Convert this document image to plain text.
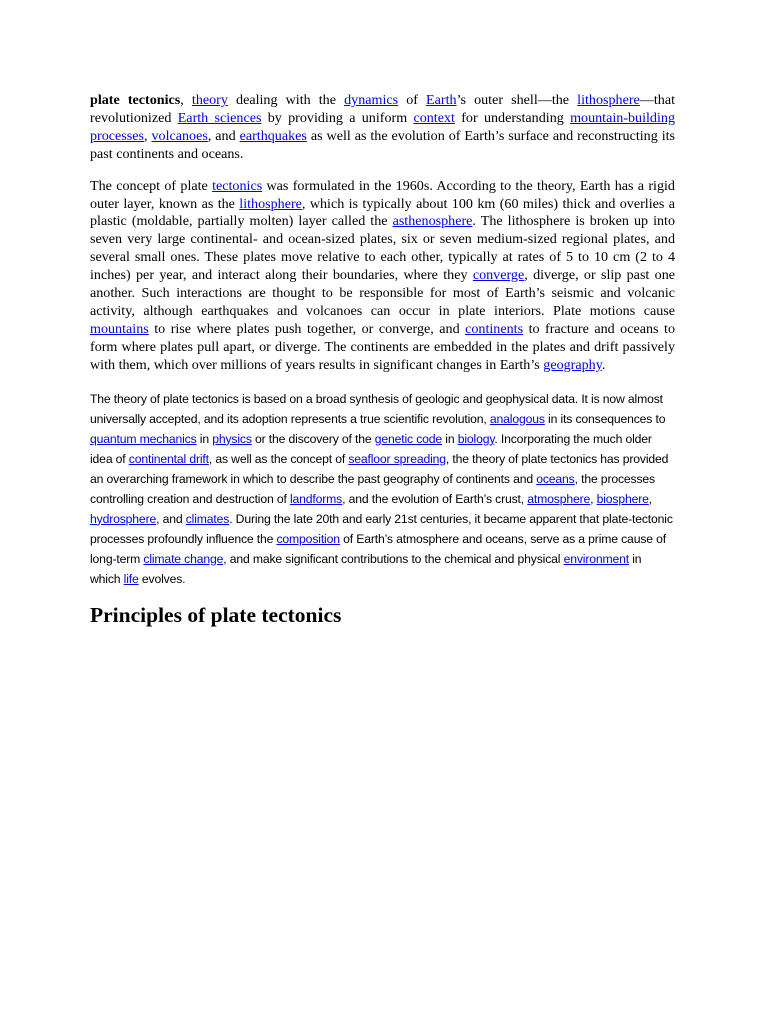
plate tectonics, theory dealing with the dynamics of Earth’s outer shell—the lithosphere—that revolutionized Earth sciences by providing a uniform context for understanding mountain-building processes, volcanoes, and earthquakes as well as the evolution of Earth’s surface and reconstructing its past continents and oceans.

The concept of plate tectonics was formulated in the 1960s. According to the theory, Earth has a rigid outer layer, known as the lithosphere, which is typically about 100 km (60 miles) thick and overlies a plastic (moldable, partially molten) layer called the asthenosphere. The lithosphere is broken up into seven very large continental- and ocean-sized plates, six or seven medium-sized regional plates, and several small ones. These plates move relative to each other, typically at rates of 5 to 10 cm (2 to 4 inches) per year, and interact along their boundaries, where they converge, diverge, or slip past one another. Such interactions are thought to be responsible for most of Earth’s seismic and volcanic activity, although earthquakes and volcanoes can occur in plate interiors. Plate motions cause mountains to rise where plates push together, or converge, and continents to fracture and oceans to form where plates pull apart, or diverge. The continents are embedded in the plates and drift passively with them, which over millions of years results in significant changes in Earth’s geography.

The theory of plate tectonics is based on a broad synthesis of geologic and geophysical data. It is now almost universally accepted, and its adoption represents a true scientific revolution, analogous in its consequences to quantum mechanics in physics or the discovery of the genetic code in biology. Incorporating the much older idea of continental drift, as well as the concept of seafloor spreading, the theory of plate tectonics has provided an overarching framework in which to describe the past geography of continents and oceans, the processes controlling creation and destruction of landforms, and the evolution of Earth’s crust, atmosphere, biosphere, hydrosphere, and climates. During the late 20th and early 21st centuries, it became apparent that plate-tectonic processes profoundly influence the composition of Earth’s atmosphere and oceans, serve as a prime cause of long-term climate change, and make significant contributions to the chemical and physical environment in which life evolves.

Principles of plate tectonics
